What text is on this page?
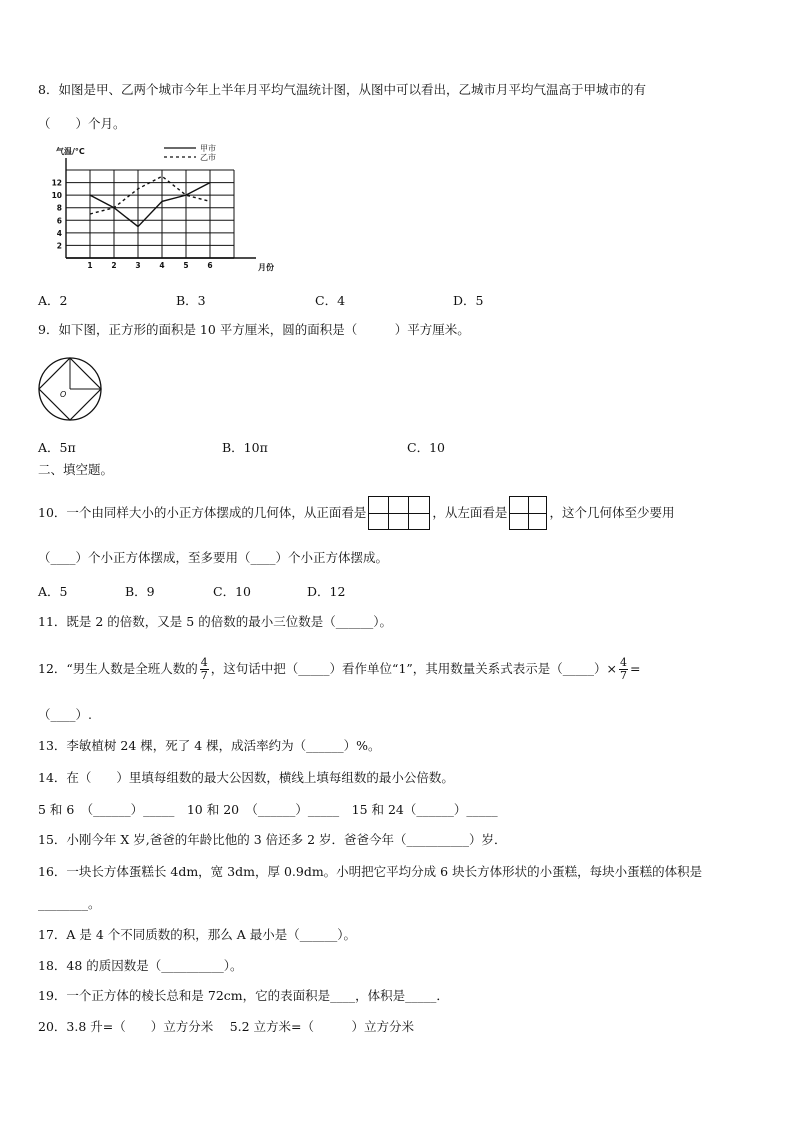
8．如图是甲、乙两个城市今年上半年月平均气温统计图，从图中可以看出，乙城市月平均气温高于甲城市的有
（　　）个月。
2
4
6
8
10
12
1	2	3	4	5	6
气温/°C
月份
甲市
乙市
A．2	B．3	C．4	D．5
9．如下图，正方形的面积是 10 平方厘米，圆的面积是（　　　）平方厘米。
O
A．5π	B．10π	C．10
二、填空题。
10．一个由同样大小的小正方体摆成的几何体，从正面看是	，从左面看是	，这个几何体至少要用
（____）个小正方体摆成，至多要用（____）个小正方体摆成。
A．5	B．9	C．10	D．12
11．既是 2 的倍数，又是 5 的倍数的最小三位数是（______）。
12．“男生人数是全班人数的 $\frac{4}{7}$ ，这句话中把（_____）看作单位“1”，其用数量关系式表示是（_____）× $\frac{4}{7}$ =
（____）.
13．李敏植树 24 棵，死了 4 棵，成活率约为（______）%。
14．在（　　）里填每组数的最大公因数，横线上填每组数的最小公倍数。
5 和 6　（______）_____　10 和 20　（______）_____　15 和 24（______）_____
15．小刚今年 X 岁,爸爸的年龄比他的 3 倍还多 2 岁．爸爸今年（__________）岁．
16．一块长方体蛋糕长 4dm，宽 3dm，厚 0.9dm。小明把它平均分成 6 块长方体形状的小蛋糕，每块小蛋糕的体积是
________。
17．A 是 4 个不同质数的积，那么 A 最小是（______）。
18．48 的质因数是（__________）。
19．一个正方体的棱长总和是 72cm，它的表面积是____，体积是_____．
20．3.8 升=（　　）立方分米　 5.2 立方米=（　　　）立方分米
